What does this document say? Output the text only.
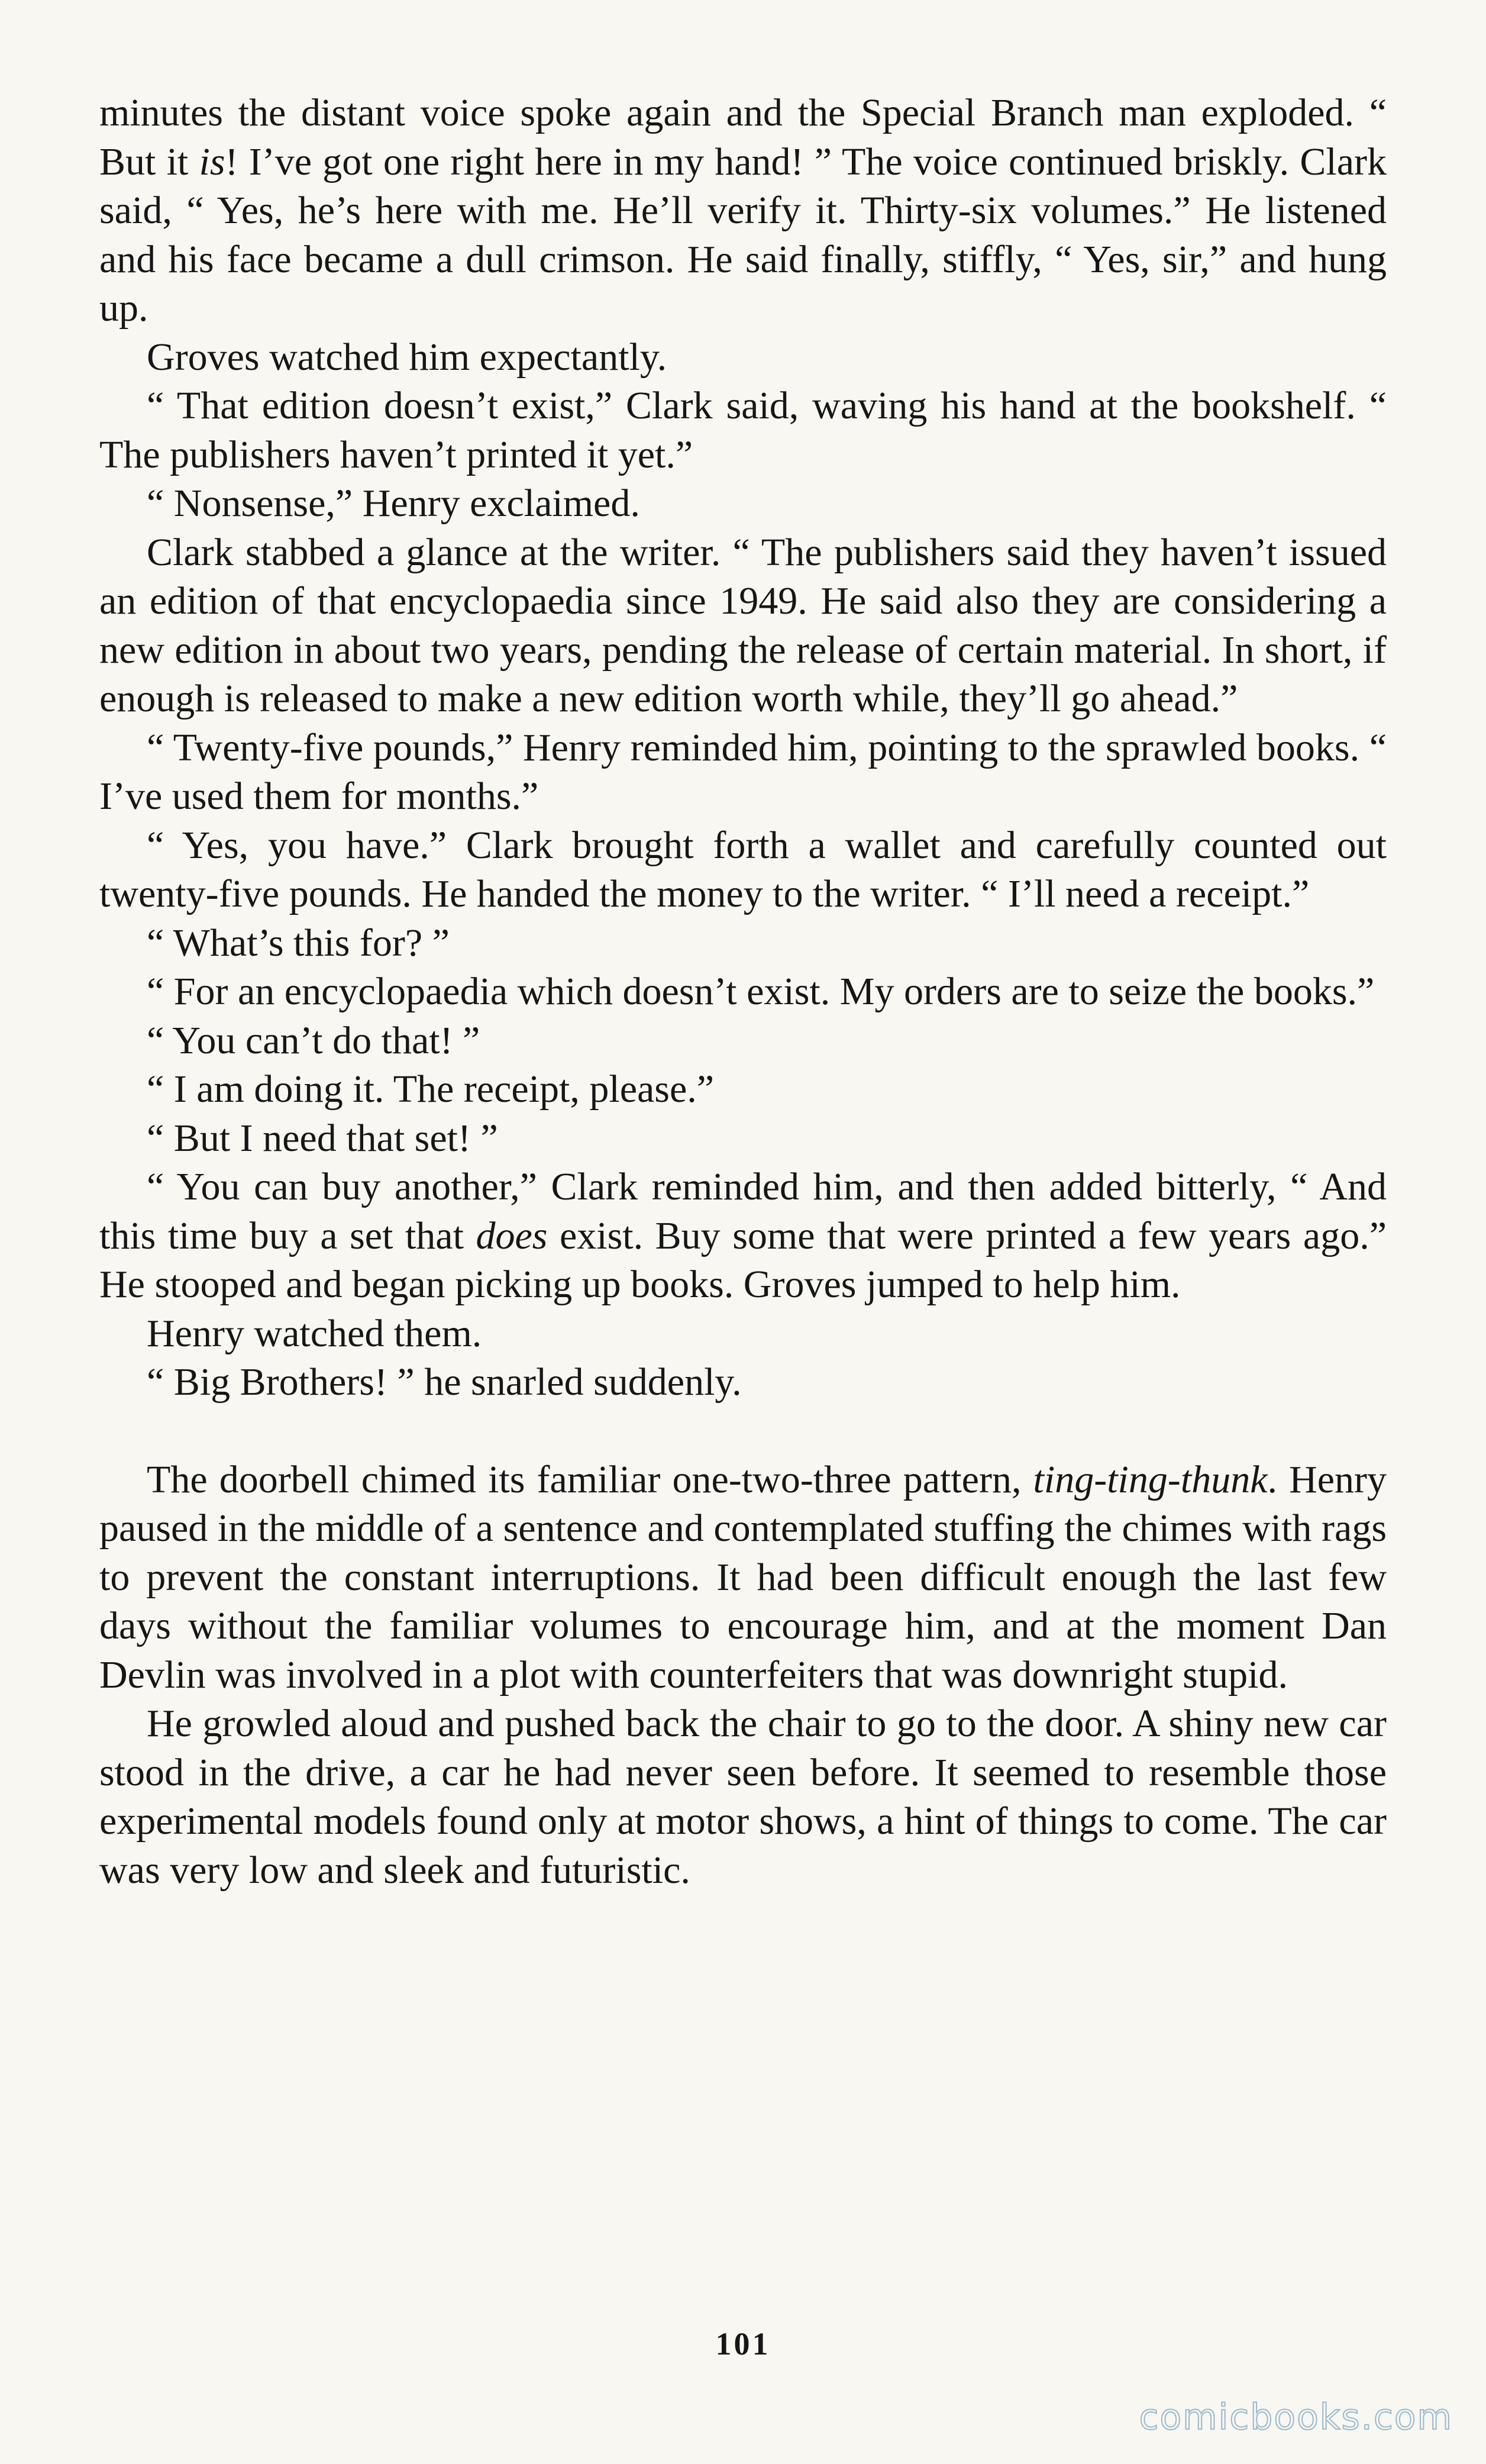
minutes the distant voice spoke again and the Special Branch man exploded. “ But it is! I’ve got one right here in my hand! ” The voice continued briskly. Clark said, “ Yes, he’s here with me. He’ll verify it. Thirty-six volumes.” He listened and his face became a dull crimson. He said finally, stiffly, “ Yes, sir,” and hung up.

Groves watched him expectantly.

“ That edition doesn’t exist,” Clark said, waving his hand at the bookshelf. “ The publishers haven’t printed it yet.”

“ Nonsense,” Henry exclaimed.

Clark stabbed a glance at the writer. “ The publishers said they haven’t issued an edition of that encyclopaedia since 1949. He said also they are considering a new edition in about two years, pending the release of certain material. In short, if enough is released to make a new edition worth while, they’ll go ahead.”

“ Twenty-five pounds,” Henry reminded him, pointing to the sprawled books. “ I’ve used them for months.”

“ Yes, you have.” Clark brought forth a wallet and carefully counted out twenty-five pounds. He handed the money to the writer. “ I’ll need a receipt.”

“ What’s this for? ”

“ For an encyclopaedia which doesn’t exist. My orders are to seize the books.”

“ You can’t do that! ”

“ I am doing it. The receipt, please.”

“ But I need that set! ”

“ You can buy another,” Clark reminded him, and then added bitterly, “ And this time buy a set that does exist. Buy some that were printed a few years ago.” He stooped and began picking up books. Groves jumped to help him.

Henry watched them.

“ Big Brothers! ” he snarled suddenly.

The doorbell chimed its familiar one-two-three pattern, ting-ting-thunk. Henry paused in the middle of a sentence and contemplated stuffing the chimes with rags to prevent the constant interruptions. It had been difficult enough the last few days without the familiar volumes to encourage him, and at the moment Dan Devlin was involved in a plot with counterfeiters that was downright stupid.

He growled aloud and pushed back the chair to go to the door. A shiny new car stood in the drive, a car he had never seen before. It seemed to resemble those experimental models found only at motor shows, a hint of things to come. The car was very low and sleek and futuristic.

101
comicbooks.com
